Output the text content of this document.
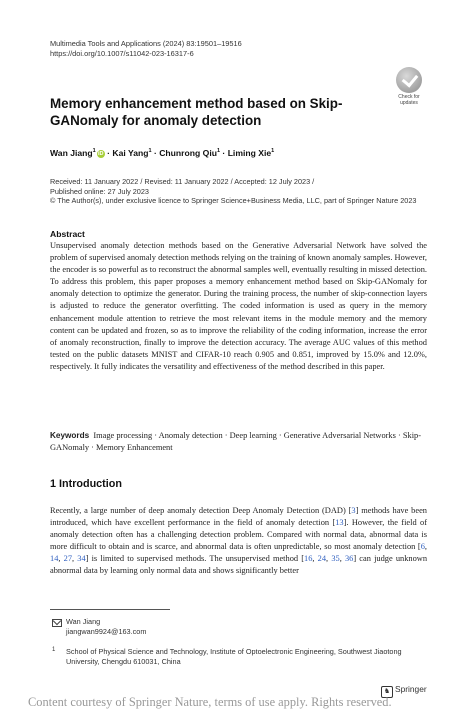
Multimedia Tools and Applications (2024) 83:19501–19516
https://doi.org/10.1007/s11042-023-16317-6
Check for updates
Memory enhancement method based on Skip-GANomaly for anomaly detection
Wan Jiang$^1$ iD · Kai Yang$^1$ · Chunrong Qiu$^1$ · Liming Xie$^1$
Received: 11 January 2022 / Revised: 11 January 2022 / Accepted: 12 July 2023 /
Published online: 27 July 2023
© The Author(s), under exclusive licence to Springer Science+Business Media, LLC, part of Springer Nature 2023
Abstract
Unsupervised anomaly detection methods based on the Generative Adversarial Network have solved the problem of supervised anomaly detection methods relying on the training of known anomaly samples. However, the encoder is so powerful as to reconstruct the abnormal samples well, eventually resulting in missed detection. To address this problem, this paper proposes a memory enhancement method based on Skip-GANomaly for anomaly detection to optimize the generator. During the training process, the number of skip-connection layers is adjusted to reduce the generator overfitting. The coded information is used as query in the memory enhancement module attention to retrieve the most relevant items in the module memory and the memory content can be updated and frozen, so as to improve the reliability of the coding information, increase the error of anomaly reconstruction, finally to improve the detection accuracy. The average AUC values of this method tested on the public datasets MNIST and CIFAR-10 reach 0.905 and 0.851, improved by 15.0% and 12.0%, respectively. It fully indicates the versatility and effectiveness of the method described in this paper.
Keywords Image processing · Anomaly detection · Deep learning · Generative Adversarial Networks · Skip-GANomaly · Memory Enhancement
1 Introduction
Recently, a large number of deep anomaly detection Deep Anomaly Detection (DAD) [3] methods have been introduced, which have excellent performance in the field of anomaly detection [13]. However, the field of anomaly detection often has a challenging detection problem. Compared with normal data, abnormal data is more difficult to obtain and is scarce, and abnormal data is often unpredictable, so most anomaly detection [6, 14, 27, 34] is limited to supervised methods. The unsupervised method [16, 24, 35, 36] can judge unknown abnormal data by learning only normal data and shows significantly better
Wan Jiang
jiangwan9924@163.com
1 School of Physical Science and Technology, Institute of Optoelectronic Engineering, Southwest Jiaotong University, Chengdu 610031, China
♞ Springer
Content courtesy of Springer Nature, terms of use apply. Rights reserved.
